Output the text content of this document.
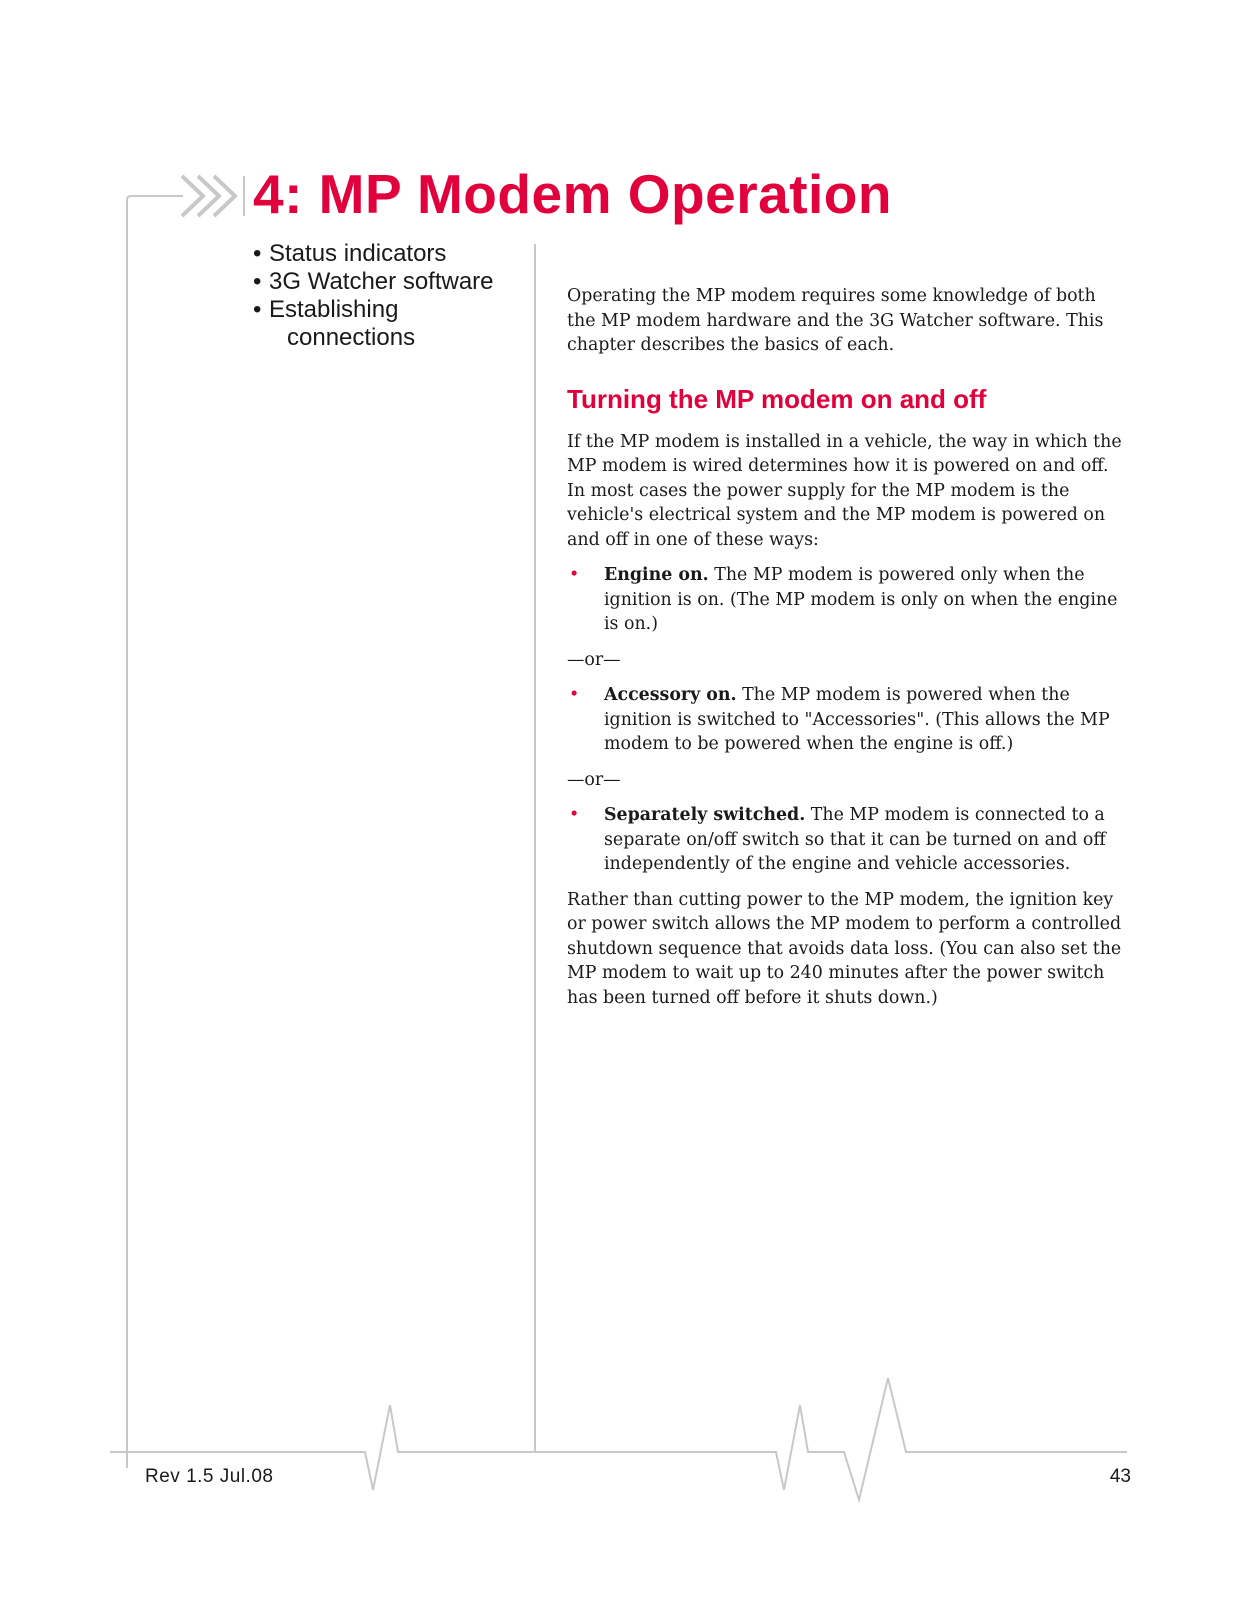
4: MP Modem Operation
• Status indicators
• 3G Watcher software
• Establishing
connections

Operating the MP modem requires some knowledge of both the MP modem hardware and the 3G Watcher software. This chapter describes the basics of each.

Turning the MP modem on and off

If the MP modem is installed in a vehicle, the way in which the MP modem is wired determines how it is powered on and off. In most cases the power supply for the MP modem is the vehicle's electrical system and the MP modem is powered on and off in one of these ways:

• Engine on. The MP modem is powered only when the ignition is on. (The MP modem is only on when the engine is on.)

—or—

• Accessory on. The MP modem is powered when the ignition is switched to "Accessories". (This allows the MP modem to be powered when the engine is off.)

—or—

• Separately switched. The MP modem is connected to a separate on/off switch so that it can be turned on and off independently of the engine and vehicle accessories.

Rather than cutting power to the MP modem, the ignition key or power switch allows the MP modem to perform a controlled shutdown sequence that avoids data loss. (You can also set the MP modem to wait up to 240 minutes after the power switch has been turned off before it shuts down.)

Rev 1.5 Jul.08	43
